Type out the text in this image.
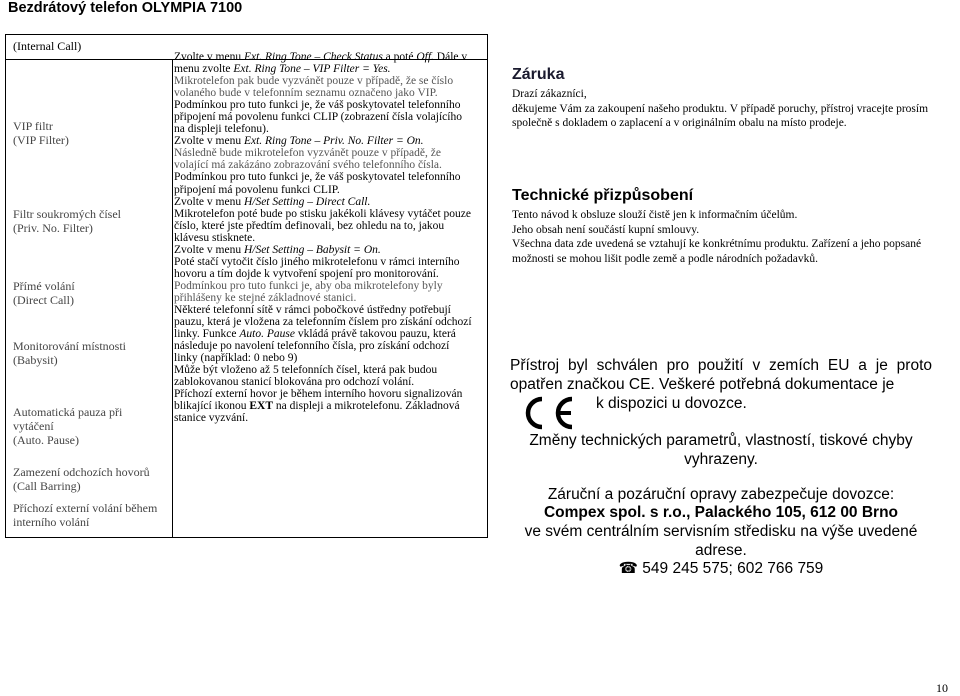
Bezdrátový telefon OLYMPIA 7100
(Internal Call)
VIP filtr
(VIP Filter)
Filtr soukromých čísel
(Priv. No. Filter)
Přímé volání
(Direct Call)
Monitorování místnosti
(Babysit)
Automatická pauza při
vytáčení
(Auto. Pause)
Zamezení odchozích hovorů
(Call Barring)
Příchozí externí volání během
interního volání

Zvolte v menu Ext. Ring Tone – Check Status a poté Off. Dále v menu zvolte Ext. Ring Tone – VIP Filter = Yes.

Mikrotelefon pak bude vyzvánět pouze v případě, že se číslo volaného bude v telefonním seznamu označeno jako VIP.

Podmínkou pro tuto funkci je, že váš poskytovatel telefonního připojení má povolenu funkci CLIP (zobrazení čísla volajícího na displeji telefonu).

Zvolte v menu Ext. Ring Tone – Priv. No. Filter = On.

Následně bude mikrotelefon vyzvánět pouze v případě, že volající má zakázáno zobrazování svého telefonního čísla.

Podmínkou pro tuto funkci je, že váš poskytovatel telefonního připojení má povolenu funkci CLIP.

Zvolte v menu H/Set Setting – Direct Call.

Mikrotelefon poté bude po stisku jakékoli klávesy vytáčet pouze číslo, které jste předtím definovali, bez ohledu na to, jakou klávesu stisknete.

Zvolte v menu H/Set Setting – Babysit = On.

Poté stačí vytočit číslo jiného mikrotelefonu v rámci interního hovoru a tím dojde k vytvoření spojení pro monitorování.

Podmínkou pro tuto funkci je, aby oba mikrotelefony byly přihlášeny ke stejné základnové stanici.

Některé telefonní sítě v rámci pobočkové ústředny potřebují pauzu, která je vložena za telefonním číslem pro získání odchozí linky. Funkce Auto. Pause vkládá právě takovou pauzu, která následuje po navolení telefonního čísla, pro získání odchozí linky (například: 0 nebo 9)

Může být vloženo až 5 telefonních čísel, která pak budou zablokovanou stanicí blokována pro odchozí volání.

Příchozí externí hovor je během interního hovoru signalizován blikající ikonou EXT na displeji a mikrotelefonu. Základnová stanice vyzvání.

Záruka

Drazí zákazníci,

děkujeme Vám za zakoupení našeho produktu. V případě poruchy, přístroj vracejte prosím společně s dokladem o zaplacení a v originálním obalu na místo prodeje.

Technické přizpůsobení

Tento návod k obsluze slouží čistě jen k informačním účelům.

Jeho obsah není součástí kupní smlouvy.

Všechna data zde uvedená se vztahují ke konkrétnímu produktu. Zařízení a jeho popsané možnosti se mohou lišit podle země a podle národních požadavků.

Přístroj byl schválen pro použití v zemích EU a je proto opatřen značkou CE. Veškeré potřebná dokumentace je
k dispozici u dovozce.
Změny technických parametrů, vlastností, tiskové chyby vyhrazeny.
Záruční a pozáruční opravy zabezpečuje dovozce:
Compex spol. s r.o., Palackého 105, 612 00 Brno
ve svém centrálním servisním středisku na výše uvedené adrese.
☎ 549 245 575; 602 766 759
10
